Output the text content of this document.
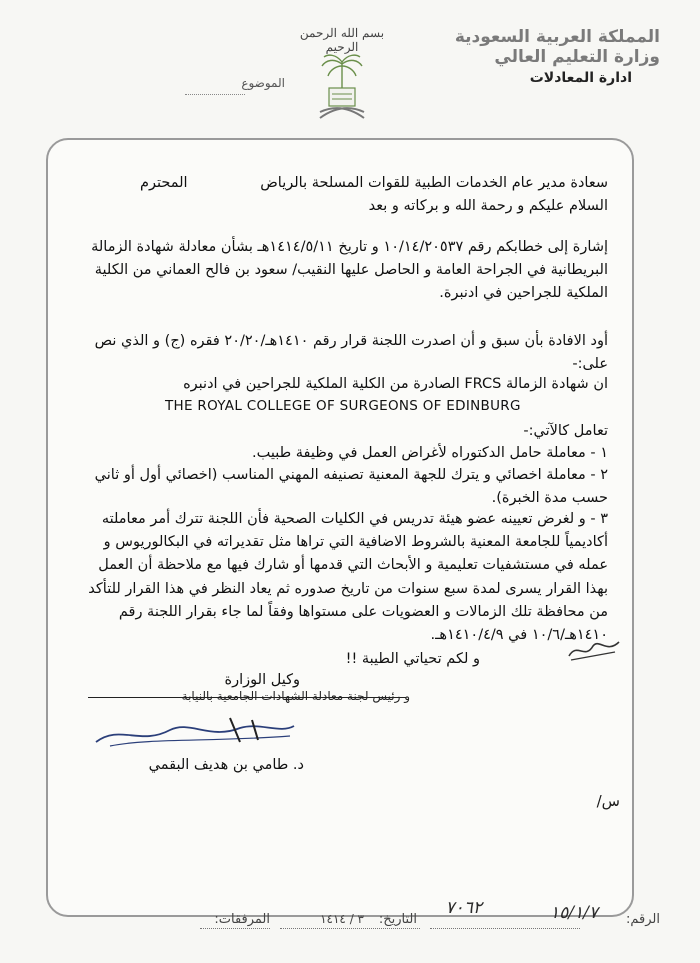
المملكة العربية السعودية
وزارة التعليم العالي
ادارة المعادلات
بسم الله الرحمن الرحيم
الموضوع
سعادة مدير عام الخدمات الطبية للقوات المسلحة بالرياض
المحترم
السلام عليكم و رحمة الله و بركاته و بعد
إشارة إلى خطابكم رقم ١٠/١٤/٢٠٥٣٧ و تاريخ ١٤١٤/٥/١١هـ بشأن معادلة شهادة الزمالة البريطانية في الجراحة العامة و الحاصل عليها النقيب/ سعود بن فالح العماني من الكلية الملكية للجراحين في ادنبرة.
أود الافادة بأن سبق و أن اصدرت اللجنة قرار رقم ١٤١٠هـ/٢٠/٢٠ فقره (ج) و الذي نص على:-
ان شهادة الزمالة FRCS الصادرة من الكلية الملكية للجراحين في ادنبره
THE ROYAL COLLEGE OF SURGEONS OF EDINBURG
تعامل كالآتي:-
١ - معاملة حامل الدكتوراه لأغراض العمل في وظيفة طبيب.
٢ - معاملة اخصائي و يترك للجهة المعنية تصنيفه المهني المناسب (اخصائي أول أو ثاني حسب مدة الخبرة).
٣ - و لغرض تعيينه عضو هيئة تدريس في الكليات الصحية فأن اللجنة تترك أمر معاملته أكاديمياً للجامعة المعنية بالشروط الاضافية التي تراها مثل تقديراته في البكالوريوس و عمله في مستشفيات تعليمية و الأبحاث التي قدمها أو شارك فيها مع ملاحظة أن العمل بهذا القرار يسرى لمدة سبع سنوات من تاريخ صدوره ثم يعاد النظر في هذا القرار للتأكد من محافظة تلك الزمالات و العضويات على مستواها وفقاً لما جاء بقرار اللجنة رقم ١٤١٠هـ/١٠/٦ في ١٤١٠/٤/٩هـ.
و لكم تحياتي الطيبة !!
وكيل الوزارة
و رئيس لجنة معادلة الشهادات الجامعية بالنيابة
د. طامي بن هديف البقمي
س/
الرقم:
١٥/١/٧
التاريخ:
٧٠٦٢
٣ / ١٤١٤
المرفقات:
